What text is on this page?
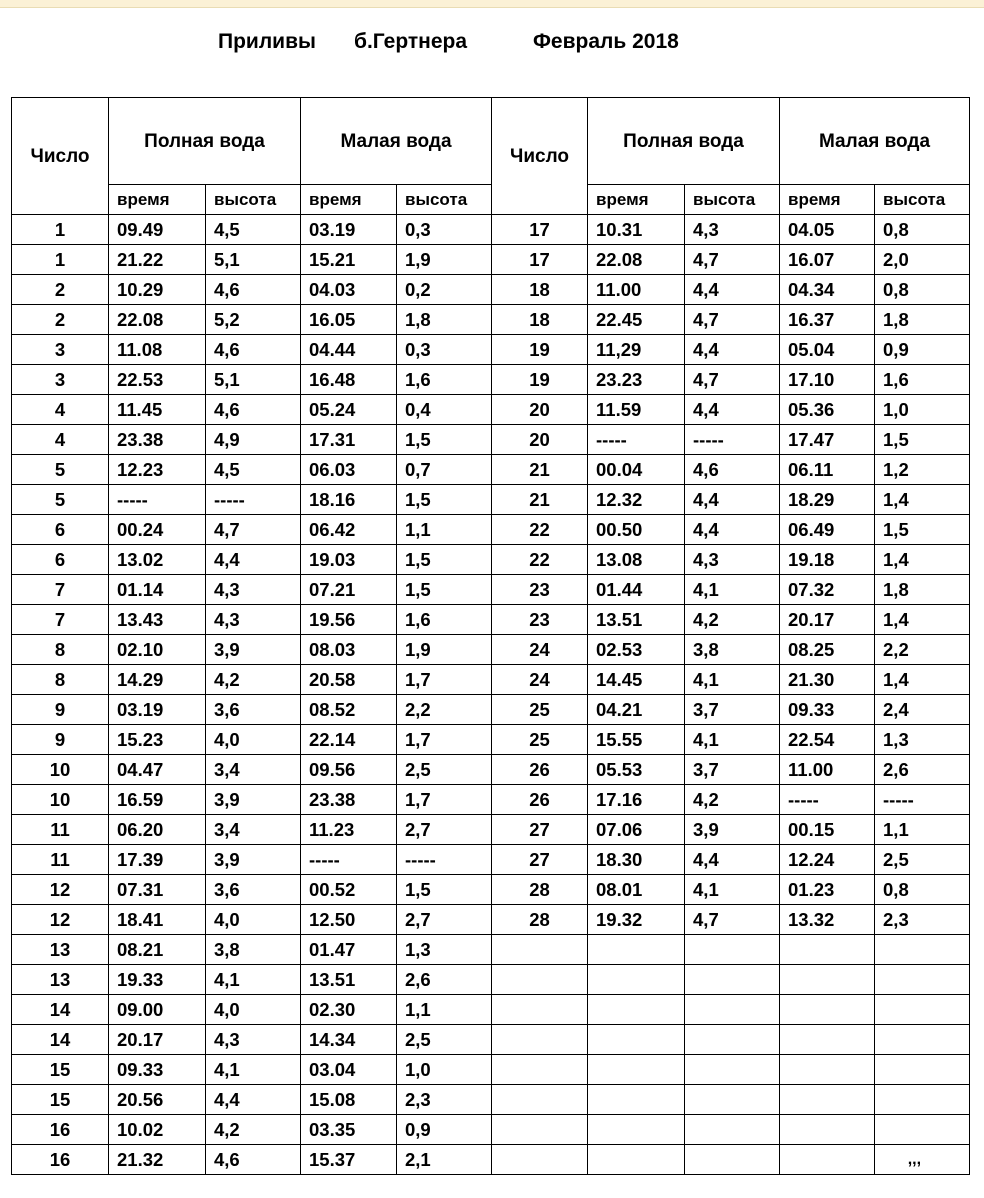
Приливы б.Гертнера	Февраль 2018
Число	Полная вода		Малая вода		Число	Полная вода		Малая вода	
	время	высота	время	высота		время	высота	время	высота
1	09.49	4,5	03.19	0,3	17	10.31	4,3	04.05	0,8
1	21.22	5,1	15.21	1,9	17	22.08	4,7	16.07	2,0
2	10.29	4,6	04.03	0,2	18	11.00	4,4	04.34	0,8
2	22.08	5,2	16.05	1,8	18	22.45	4,7	16.37	1,8
3	11.08	4,6	04.44	0,3	19	11,29	4,4	05.04	0,9
3	22.53	5,1	16.48	1,6	19	23.23	4,7	17.10	1,6
4	11.45	4,6	05.24	0,4	20	11.59	4,4	05.36	1,0
4	23.38	4,9	17.31	1,5	20	-----	-----	17.47	1,5
5	12.23	4,5	06.03	0,7	21	00.04	4,6	06.11	1,2
5	-----	-----	18.16	1,5	21	12.32	4,4	18.29	1,4
6	00.24	4,7	06.42	1,1	22	00.50	4,4	06.49	1,5
6	13.02	4,4	19.03	1,5	22	13.08	4,3	19.18	1,4
7	01.14	4,3	07.21	1,5	23	01.44	4,1	07.32	1,8
7	13.43	4,3	19.56	1,6	23	13.51	4,2	20.17	1,4
8	02.10	3,9	08.03	1,9	24	02.53	3,8	08.25	2,2
8	14.29	4,2	20.58	1,7	24	14.45	4,1	21.30	1,4
9	03.19	3,6	08.52	2,2	25	04.21	3,7	09.33	2,4
9	15.23	4,0	22.14	1,7	25	15.55	4,1	22.54	1,3
10	04.47	3,4	09.56	2,5	26	05.53	3,7	11.00	2,6
10	16.59	3,9	23.38	1,7	26	17.16	4,2	-----	-----
11	06.20	3,4	11.23	2,7	27	07.06	3,9	00.15	1,1
11	17.39	3,9	-----	-----	27	18.30	4,4	12.24	2,5
12	07.31	3,6	00.52	1,5	28	08.01	4,1	01.23	0,8
12	18.41	4,0	12.50	2,7	28	19.32	4,7	13.32	2,3
13	08.21	3,8	01.47	1,3					
13	19.33	4,1	13.51	2,6					
14	09.00	4,0	02.30	1,1					
14	20.17	4,3	14.34	2,5					
15	09.33	4,1	03.04	1,0					
15	20.56	4,4	15.08	2,3					
16	10.02	4,2	03.35	0,9					
16	21.32	4,6	15.37	2,1					,,,
